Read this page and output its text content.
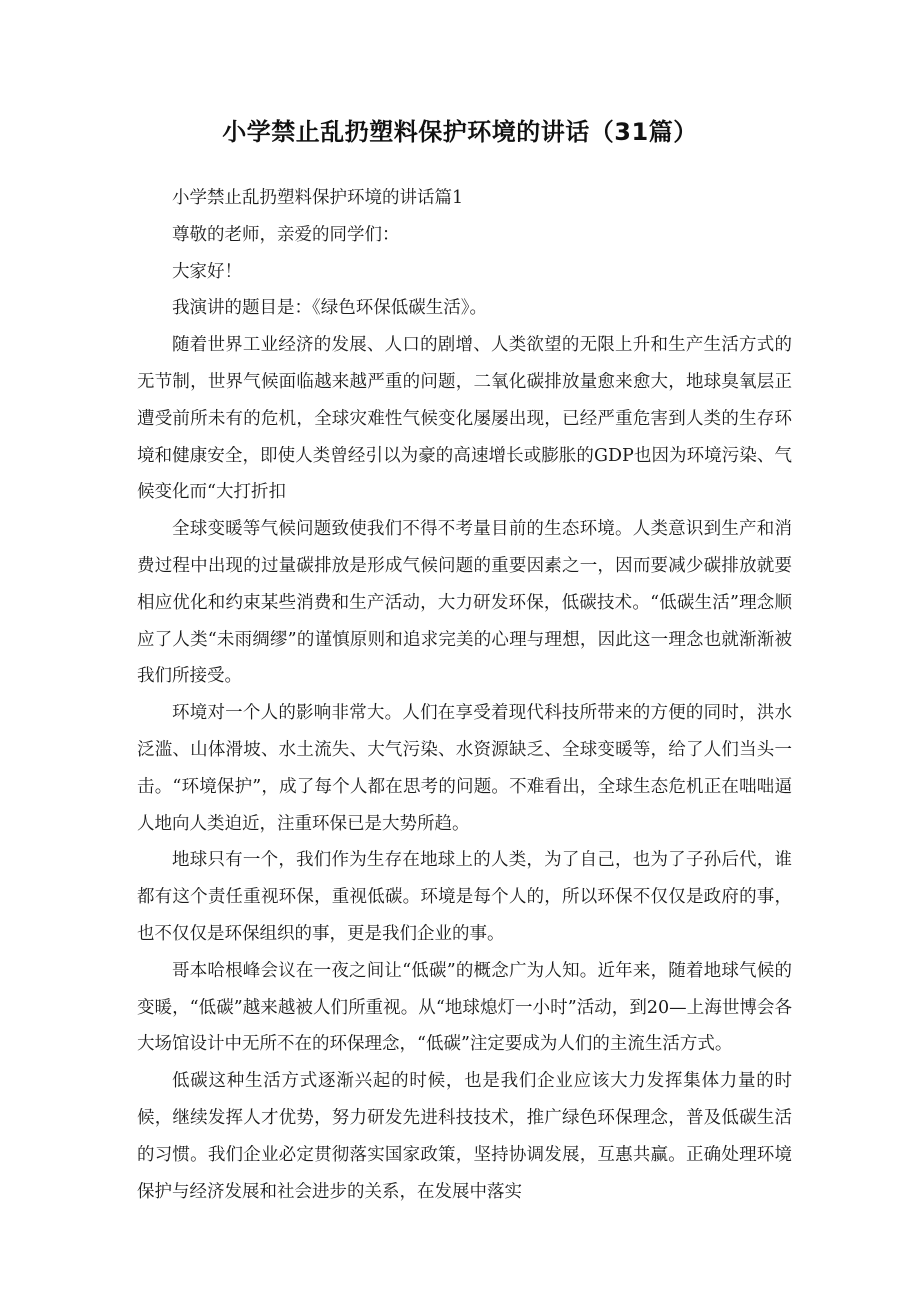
小学禁止乱扔塑料保护环境的讲话（31篇）

小学禁止乱扔塑料保护环境的讲话篇1

尊敬的老师，亲爱的同学们：

大家好！

我演讲的题目是：《绿色环保低碳生活》。

随着世界工业经济的发展、人口的剧增、人类欲望的无限上升和生产生活方式的无节制，世界气候面临越来越严重的问题，二氧化碳排放量愈来愈大，地球臭氧层正遭受前所未有的危机，全球灾难性气候变化屡屡出现，已经严重危害到人类的生存环境和健康安全，即使人类曾经引以为豪的高速增长或膨胀的GDP也因为环境污染、气候变化而“大打折扣

全球变暖等气候问题致使我们不得不考量目前的生态环境。人类意识到生产和消费过程中出现的过量碳排放是形成气候问题的重要因素之一，因而要减少碳排放就要相应优化和约束某些消费和生产活动，大力研发环保，低碳技术。“低碳生活”理念顺应了人类“未雨绸缪”的谨慎原则和追求完美的心理与理想，因此这一理念也就渐渐被我们所接受。

环境对一个人的影响非常大。人们在享受着现代科技所带来的方便的同时，洪水泛滥、山体滑坡、水土流失、大气污染、水资源缺乏、全球变暖等，给了人们当头一击。“环境保护”，成了每个人都在思考的问题。不难看出，全球生态危机正在咄咄逼人地向人类迫近，注重环保已是大势所趋。

地球只有一个，我们作为生存在地球上的人类，为了自己，也为了子孙后代，谁都有这个责任重视环保，重视低碳。环境是每个人的，所以环保不仅仅是政府的事，也不仅仅是环保组织的事，更是我们企业的事。

哥本哈根峰会议在一夜之间让“低碳”的概念广为人知。近年来，随着地球气候的变暖，“低碳”越来越被人们所重视。从“地球熄灯一小时”活动，到20—上海世博会各大场馆设计中无所不在的环保理念，“低碳”注定要成为人们的主流生活方式。

低碳这种生活方式逐渐兴起的时候，也是我们企业应该大力发挥集体力量的时候，继续发挥人才优势，努力研发先进科技技术，推广绿色环保理念，普及低碳生活的习惯。我们企业必定贯彻落实国家政策，坚持协调发展，互惠共赢。正确处理环境保护与经济发展和社会进步的关系，在发展中落实
